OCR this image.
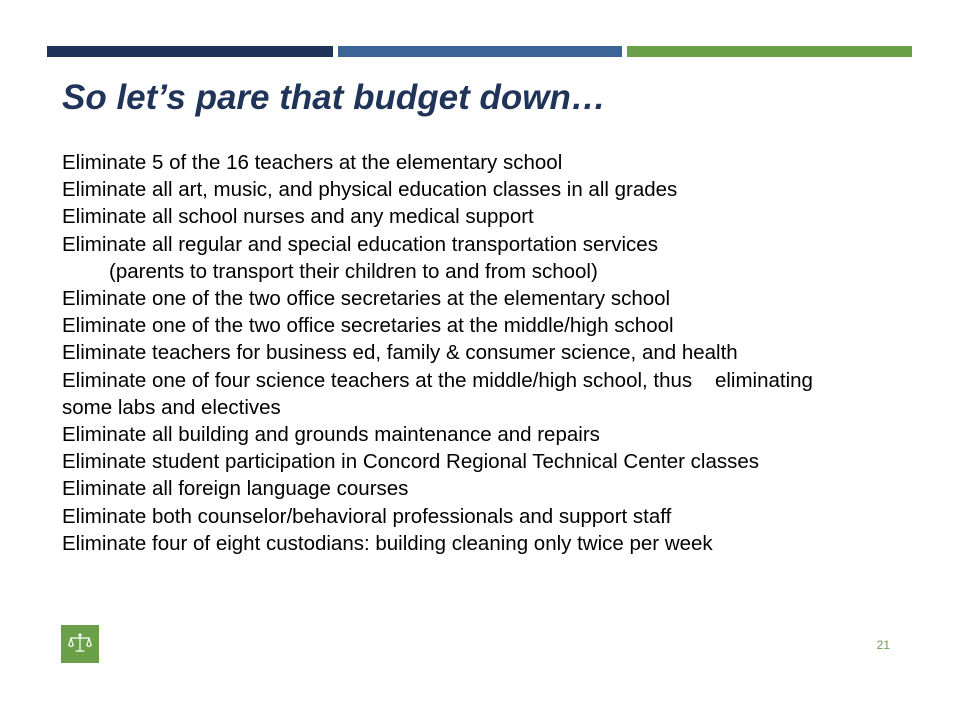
So let’s pare that budget down…
Eliminate 5 of the 16 teachers at the elementary school
Eliminate all art, music, and physical education classes in all grades
Eliminate all school nurses and any medical support
Eliminate all regular and special education transportation services
(parents to transport their children to and from school)
Eliminate one of the two office secretaries at the elementary school
Eliminate one of the two office secretaries at the middle/high school
Eliminate teachers for business ed, family & consumer science, and health
Eliminate one of four science teachers at the middle/high school, thus    eliminating
some labs and electives
Eliminate all building and grounds maintenance and repairs
Eliminate student participation in Concord Regional Technical Center classes
Eliminate all foreign language courses
Eliminate both counselor/behavioral professionals and support staff
Eliminate four of eight custodians: building cleaning only twice per week
21
